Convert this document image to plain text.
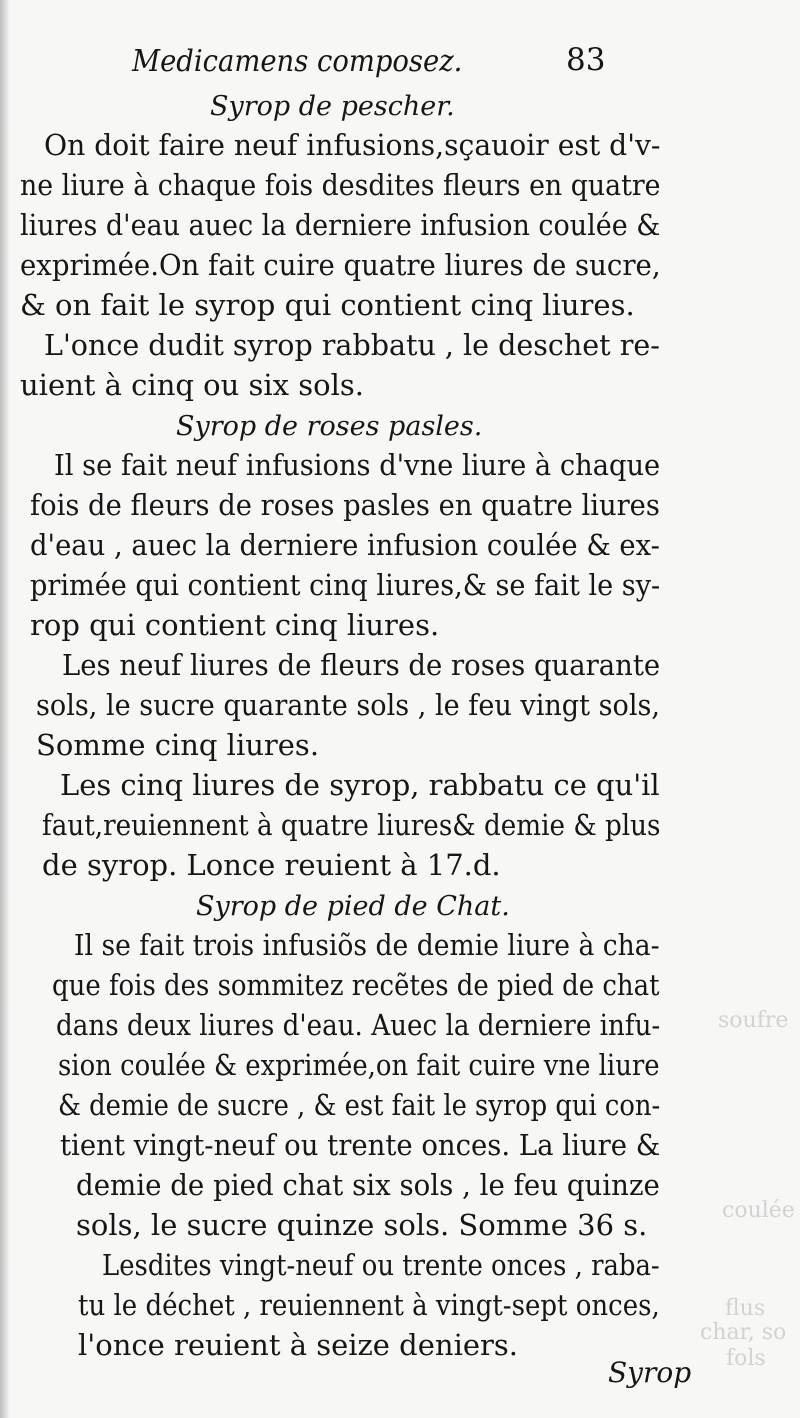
soufre
coulée
flus
char, so
fols
Medicamens composez.	83
Syrop de pescher.
On doit faire neuf infusions,sçauoir est d'v-
ne liure à chaque fois desdites fleurs en quatre
liures d'eau auec la derniere infusion coulée &
exprimée.On fait cuire quatre liures de sucre,
& on fait le syrop qui contient cinq liures.
L'once dudit syrop rabbatu , le deschet re-
uient à cinq ou six sols.
Syrop de roses pasles.
Il se fait neuf infusions d'vne liure à chaque
fois de fleurs de roses pasles en quatre liures
d'eau , auec la derniere infusion coulée & ex-
primée qui contient cinq liures,& se fait le sy-
rop qui contient cinq liures.
Les neuf liures de fleurs de roses quarante
sols, le sucre quarante sols , le feu vingt sols,
Somme cinq liures.
Les cinq liures de syrop, rabbatu ce qu'il
faut,reuiennent à quatre liures& demie & plus
de syrop. Lonce reuient à 17.d.
Syrop de pied de Chat.
Il se fait trois infusiõs de demie liure à cha-
que fois des sommitez recẽtes de pied de chat
dans deux liures d'eau. Auec la derniere infu-
sion coulée & exprimée,on fait cuire vne liure
& demie de sucre , & est fait le syrop qui con-
tient vingt-neuf ou trente onces. La liure &
demie de pied chat six sols , le feu quinze
sols, le sucre quinze sols. Somme 36 s.
Lesdites vingt-neuf ou trente onces , raba-
tu le déchet , reuiennent à vingt-sept onces,
l'once reuient à seize deniers.
Syrop
